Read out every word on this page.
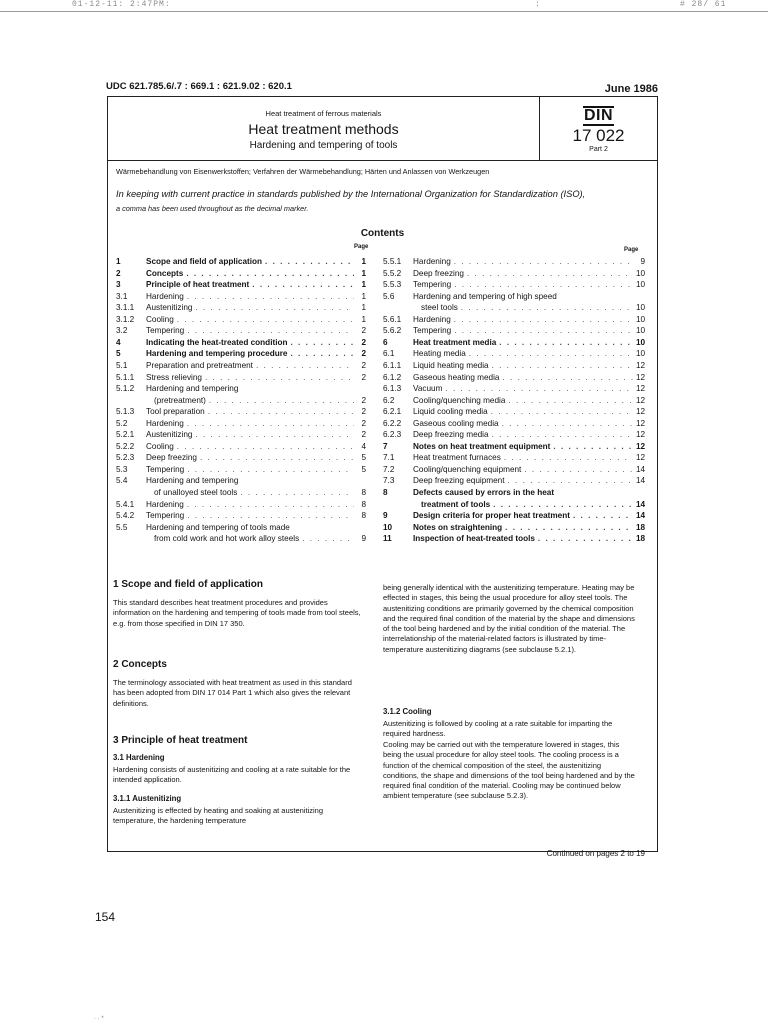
01-12-11: 2:47PM:	:	# 28/ 61
UDC 621.785.6/.7 : 669.1 : 621.9.02 : 620.1	June 1986
Heat treatment of ferrous materials
Heat treatment methods
Hardening and tempering of tools
DIN
17 022
Part 2
Wärmebehandlung von Eisenwerkstoffen; Verfahren der Wärmebehandlung; Härten und Anlassen von Werkzeugen
In keeping with current practice in standards published by the International Organization for Standardization (ISO),
a comma has been used throughout as the decimal marker.
Contents
Page	Page
1	Scope and field of application . . .	1
2	Concepts . . .	1
3	Principle of heat treatment . . .	1
3.1	Hardening . . .	1
3.1.1	Austenitizing . . .	1
3.1.2	Cooling . . .	1
3.2	Tempering . . .	2
4	Indicating the heat-treated condition . . .	2
5	Hardening and tempering procedure . . .	2
5.1	Preparation and pretreatment . . .	2
5.1.1	Stress relieving . . .	2
5.1.2	Hardening and tempering
(pretreatment) . . .	2
5.1.3	Tool preparation . . .	2
5.2	Hardening . . .	2
5.2.1	Austenitizing . . .	2
5.2.2	Cooling . . .	4
5.2.3	Deep freezing . . .	5
5.3	Tempering . . .	5
5.4	Hardening and tempering
of unalloyed steel tools . . .	8
5.4.1	Hardening . . .	8
5.4.2	Tempering . . .	8
5.5	Hardening and tempering of tools made
from cold work and hot work alloy steels . . .	9
5.5.1	Hardening . . .	9
5.5.2	Deep freezing . . .	10
5.5.3	Tempering . . .	10
5.6	Hardening and tempering of high speed
steel tools . . .	10
5.6.1	Hardening . . .	10
5.6.2	Tempering . . .	10
6	Heat treatment media . . .	10
6.1	Heating media . . .	10
6.1.1	Liquid heating media . . .	12
6.1.2	Gaseous heating media . . .	12
6.1.3	Vacuum . . .	12
6.2	Cooling/quenching media . . .	12
6.2.1	Liquid cooling media . . .	12
6.2.2	Gaseous cooling media . . .	12
6.2.3	Deep freezing media . . .	12
7	Notes on heat treatment equipment . . .	12
7.1	Heat treatment furnaces . . .	12
7.2	Cooling/quenching equipment . . .	14
7.3	Deep freezing equipment . . .	14
8	Defects caused by errors in the heat
treatment of tools . . .	14
9	Design criteria for proper heat treatment . . .	14
10	Notes on straightening . . .	18
11	Inspection of heat-treated tools . . .	18
1 Scope and field of application

This standard describes heat treatment procedures and provides information on the hardening and tempering of tools made from tool steels, e.g. from those specified in DIN 17 350.

2 Concepts

The terminology associated with heat treatment as used in this standard has been adopted from DIN 17 014 Part 1 which also gives the relevant definitions.

3 Principle of heat treatment
3.1 Hardening

Hardening consists of austenitizing and cooling at a rate suitable for the intended application.

3.1.1 Austenitizing

Austenitizing is effected by heating and soaking at austenitizing temperature, the hardening temperature

being generally identical with the austenitizing temperature. Heating may be effected in stages, this being the usual procedure for alloy steel tools. The austenitizing conditions are primarily governed by the chemical composition and the required final condition of the material by the shape and dimensions of the tool being hardened and by the initial condition of the material. The interrelationship of the material-related factors is illustrated by time-temperature austenitizing diagrams (see subclause 5.2.1).

3.1.2 Cooling

Austenitizing is followed by cooling at a rate suitable for imparting the required hardness.

Cooling may be carried out with the temperature lowered in stages, this being the usual procedure for alloy steel tools. The cooling process is a function of the chemical composition of the steel, the austenitizing conditions, the shape and dimensions of the tool being hardened and by the required final condition of the material. Cooling may be continued below ambient temperature (see subclause 5.2.3).

Continued on pages 2 to 19
154
· · *
